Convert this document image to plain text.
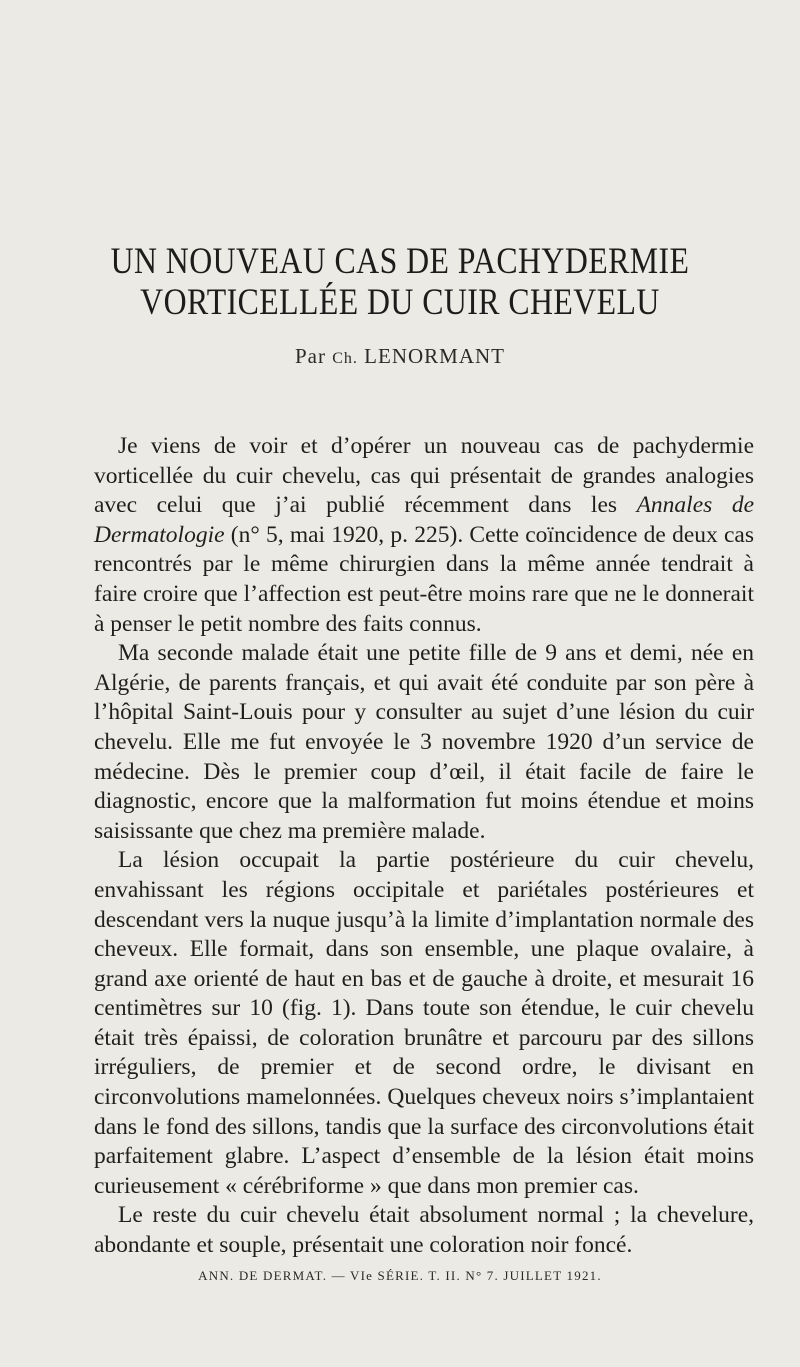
UN NOUVEAU CAS DE PACHYDERMIE
VORTICELLÉE DU CUIR CHEVELU
Par Ch. LENORMANT

Je viens de voir et d’opérer un nouveau cas de pachydermie vorticellée du cuir chevelu, cas qui présentait de grandes analogies avec celui que j’ai publié récemment dans les Annales de Dermatologie (n° 5, mai 1920, p. 225). Cette coïncidence de deux cas rencontrés par le même chirurgien dans la même année tendrait à faire croire que l’affection est peut-être moins rare que ne le donnerait à penser le petit nombre des faits connus.

Ma seconde malade était une petite fille de 9 ans et demi, née en Algérie, de parents français, et qui avait été conduite par son père à l’hôpital Saint-Louis pour y consulter au sujet d’une lésion du cuir chevelu. Elle me fut envoyée le 3 novembre 1920 d’un service de médecine. Dès le premier coup d’œil, il était facile de faire le diagnostic, encore que la malformation fut moins étendue et moins saisissante que chez ma première malade.

La lésion occupait la partie postérieure du cuir chevelu, envahissant les régions occipitale et pariétales postérieures et descendant vers la nuque jusqu’à la limite d’implantation normale des cheveux. Elle formait, dans son ensemble, une plaque ovalaire, à grand axe orienté de haut en bas et de gauche à droite, et mesurait 16 centimètres sur 10 (fig. 1). Dans toute son étendue, le cuir chevelu était très épaissi, de coloration brunâtre et parcouru par des sillons irréguliers, de premier et de second ordre, le divisant en circonvolutions mamelonnées. Quelques cheveux noirs s’implantaient dans le fond des sillons, tandis que la surface des circonvolutions était parfaitement glabre. L’aspect d’ensemble de la lésion était moins curieusement « cérébriforme » que dans mon premier cas.

Le reste du cuir chevelu était absolument normal ; la chevelure, abondante et souple, présentait une coloration noir foncé.

ANN. DE DERMAT. — VIe SÉRIE. T. II. N° 7. JUILLET 1921.
